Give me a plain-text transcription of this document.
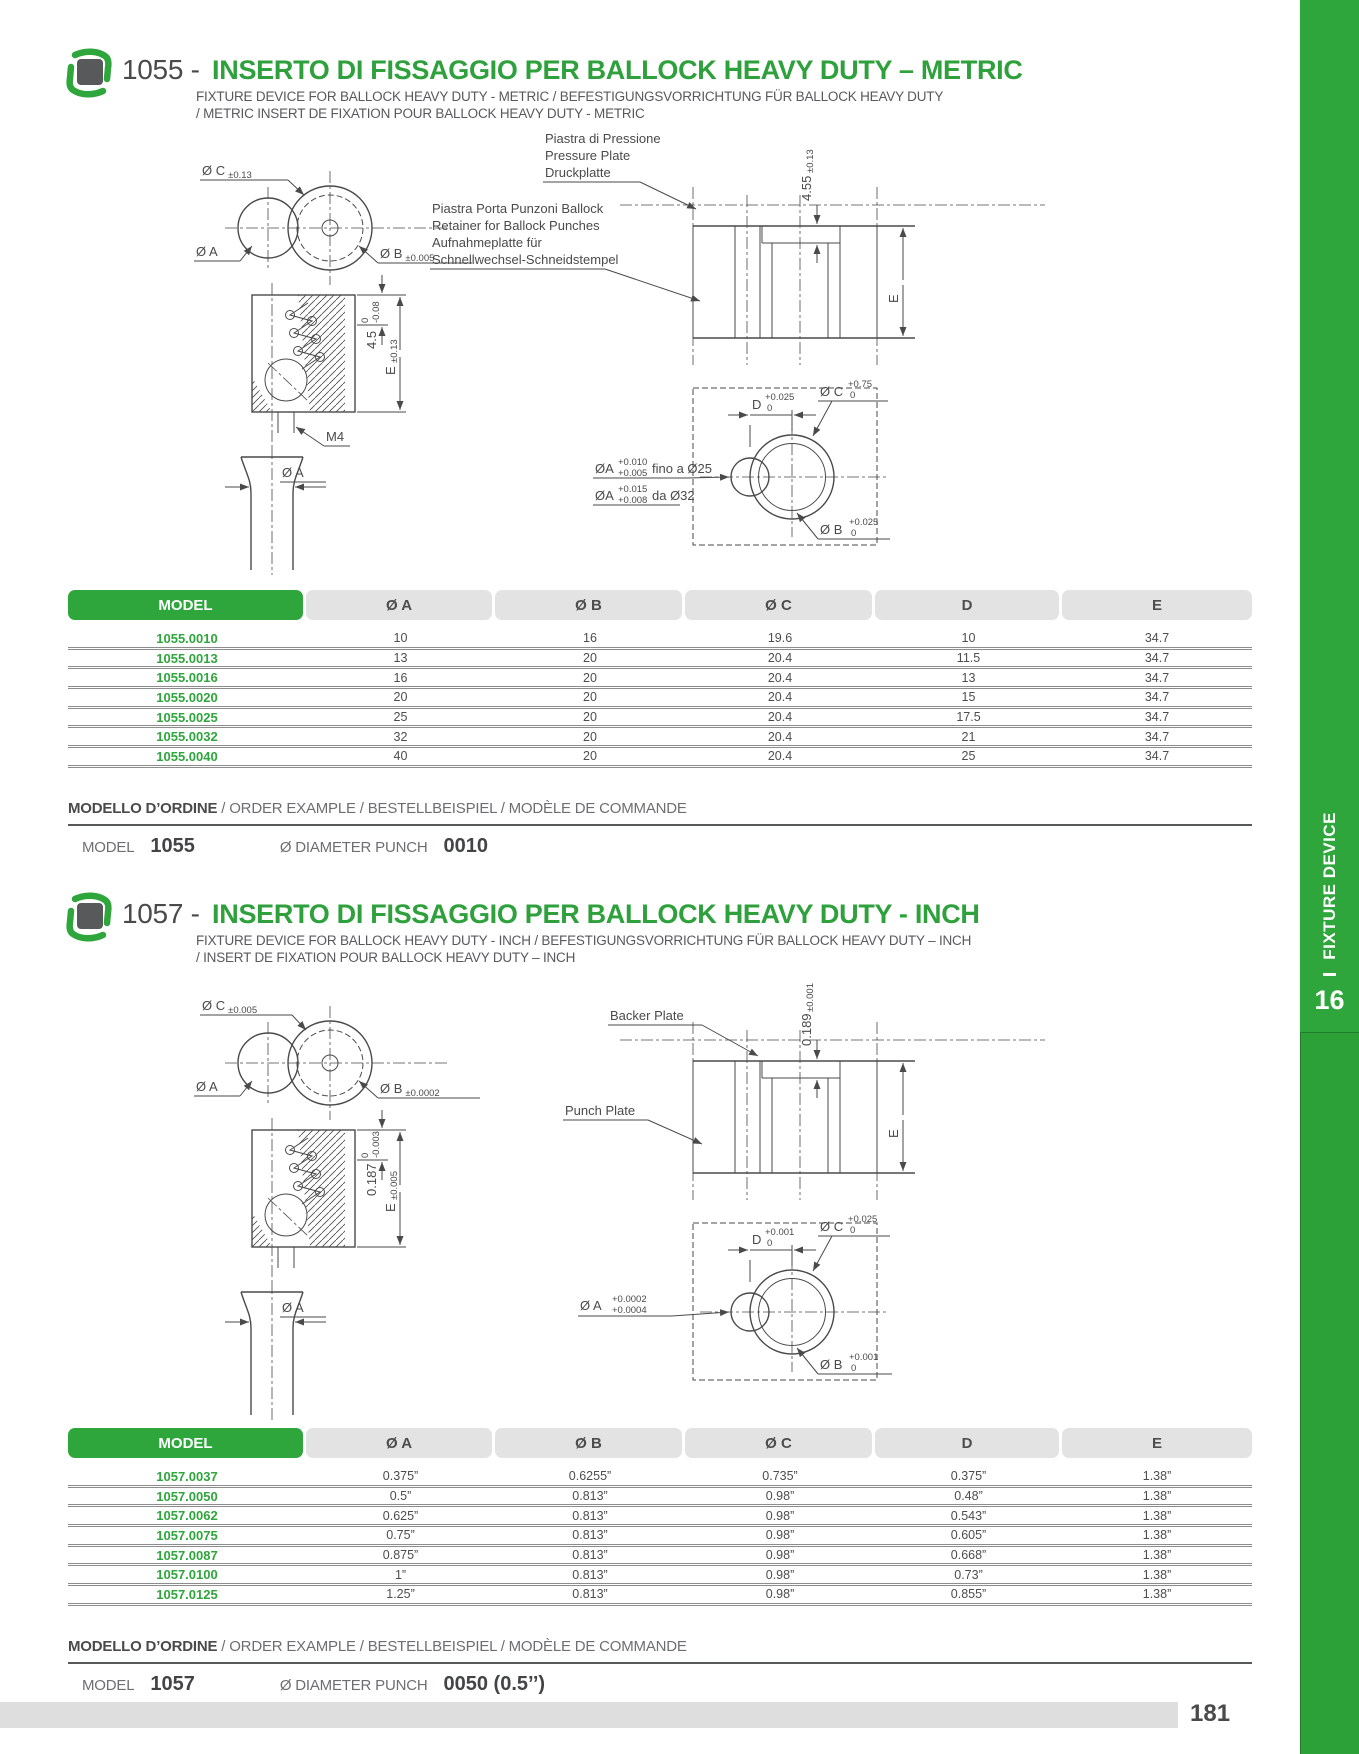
1055 - INSERTO DI FISSAGGIO PER BALLOCK HEAVY DUTY – METRIC
FIXTURE DEVICE FOR BALLOCK HEAVY DUTY - METRIC / BEFESTIGUNGSVORRICHTUNG FÜR BALLOCK HEAVY DUTY
/ METRIC INSERT DE FIXATION POUR BALLOCK HEAVY DUTY - METRIC
Ø C $_{\pm 0.13}$
Ø A	Ø B $_{\pm 0.005}$
4.5
0 -0.08
E
±0.13
M4
Ø A
4.55
±0.13
E
Piastra di Pressione
Pressure Plate
Druckplatte
Piastra Porta Punzoni Ballock
Retainer for Ballock Punches
Aufnahmeplatte für
Schnellwechsel-Schneidstempel
D +0.025
0
Ø C +0.75
0
Ø B +0.025
0
ØA +0.010
+0.005 fino a Ø25
ØA +0.015
+0.008 da Ø32
MODEL	Ø A	Ø B	Ø C	D	E
1055.0010	10	16	19.6	10	34.7
1055.0013	13	20	20.4	11.5	34.7
1055.0016	16	20	20.4	13	34.7
1055.0020	20	20	20.4	15	34.7
1055.0025	25	20	20.4	17.5	34.7
1055.0032	32	20	20.4	21	34.7
1055.0040	40	20	20.4	25	34.7
MODELLO D’ORDINE / ORDER EXAMPLE / BESTELLBEISPIEL / MODÈLE DE COMMANDE
MODEL 1055	Ø DIAMETER PUNCH 0010
1057 - INSERTO DI FISSAGGIO PER BALLOCK HEAVY DUTY - INCH
FIXTURE DEVICE FOR BALLOCK HEAVY DUTY - INCH / BEFESTIGUNGSVORRICHTUNG FÜR BALLOCK HEAVY DUTY – INCH
/ INSERT DE FIXATION POUR BALLOCK HEAVY DUTY – INCH
Ø C $_{\pm 0.005}$
Ø A	Ø B $_{\pm 0.0002}$
0.187
0 -0.003
E
±0.005
Ø A
0.189
±0.001
E
Backer Plate
Punch Plate
D +0.001
0
Ø C +0.025
0
Ø B +0.001
0
Ø A +0.0002
+0.0004
MODEL	Ø A	Ø B	Ø C	D	E
1057.0037	0.375”	0.6255”	0.735”	0.375”	1.38”
1057.0050	0.5”	0.813”	0.98”	0.48”	1.38”
1057.0062	0.625”	0.813”	0.98”	0.543”	1.38”
1057.0075	0.75”	0.813”	0.98”	0.605”	1.38”
1057.0087	0.875”	0.813”	0.98”	0.668”	1.38”
1057.0100	1”	0.813”	0.98”	0.73”	1.38”
1057.0125	1.25”	0.813”	0.98”	0.855”	1.38”
MODELLO D’ORDINE / ORDER EXAMPLE / BESTELLBEISPIEL / MODÈLE DE COMMANDE
MODEL 1057	Ø DIAMETER PUNCH 0050 (0.5’’)
181
FIXTURE DEVICE
16
